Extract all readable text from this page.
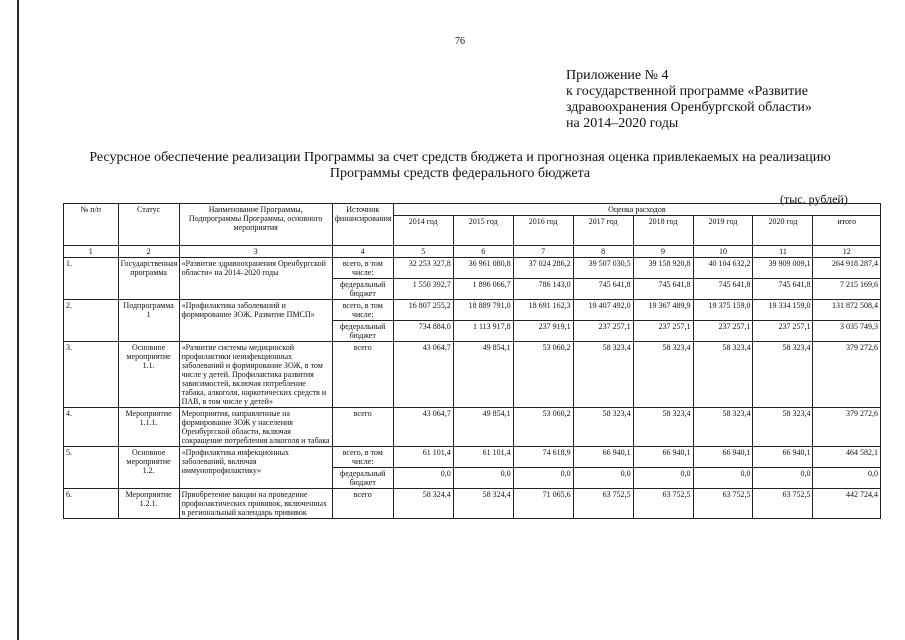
76
Приложение № 4
к государственной программе «Развитие
здравоохранения Оренбургской области»
на 2014–2020 годы
Ресурсное обеспечение реализации Программы за счет средств бюджета и прогнозная оценка привлекаемых на реализацию
Программы средств федерального бюджета
(тыс. рублей)
№ п/п	Статус	Наименование Программы, Подпрограммы Программы, основного мероприятия	Источник финансирования	Оценка расходов							
				2014 год	2015 год	2016 год	2017 год	2018 год	2019 год	2020 год	итого
1	2	3	4	5	6	7	8	9	10	11	12
1.	Государственная программа	«Развитие здравоохранения Оренбургской области» на 2014–2020 годы	всего, в том числе:	32 253 327,8	36 961 080,8	37 024 286,2	39 507 030,5	39 158 920,8	40 104 632,2	39 909 009,1	264 918 287,4
			федеральный бюджет	1 550 392,7	1 896 066,7	786 143,0	745 641,8	745 641,8	745 641,8	745 641,8	7 215 169,6
2.	Подпрограмма 1	«Профилактика заболеваний и формирование ЗОЖ. Развитие ПМСП»	всего, в том числе:	16 807 255,2	18 889 791,0	18 691 162,3	19 407 492,0	19 367 489,9	19 375 159,0	19 334 159,0	131 872 508,4
			федеральный бюджет	734 884,0	1 113 917,8	237 919,1	237 257,1	237 257,1	237 257,1	237 257,1	3 035 749,3
3.	Основное мероприятие 1.1.	«Развитие системы медицинской профилактики неинфекционных заболеваний и формирование ЗОЖ, в том числе у детей. Профилактика развития зависимостей, включая потребление табака, алкоголя, наркотических средств и ПАВ, в том числе у детей»	всего	43 064,7	49 854,1	53 060,2	58 323,4	58 323,4	58 323,4	58 323,4	379 272,6
4.	Мероприятие 1.1.1.	Мероприятия, направленные на формирование ЗОЖ у населения Оренбургской области, включая сокращение потребления алкоголя и табака	всего	43 064,7	49 854,1	53 060,2	58 323,4	58 323,4	58 323,4	58 323,4	379 272,6
5.	Основное мероприятие 1.2.	«Профилактика инфекционных заболеваний, включая иммунопрофилактику»	всего, в том числе:	61 101,4	61 101,4	74 618,9	66 940,1	66 940,1	66 940,1	66 940,1	464 582,1
			федеральный бюджет	0,0	0,0	0,0	0,0	0,0	0,0	0,0	0,0
6.	Мероприятие 1.2.1.	Приобретение вакцин на проведение профилактических прививок, включенных в региональный календарь прививок	всего	58 324,4	58 324,4	71 065,6	63 752,5	63 752,5	63 752,5	63 752,5	442 724,4
